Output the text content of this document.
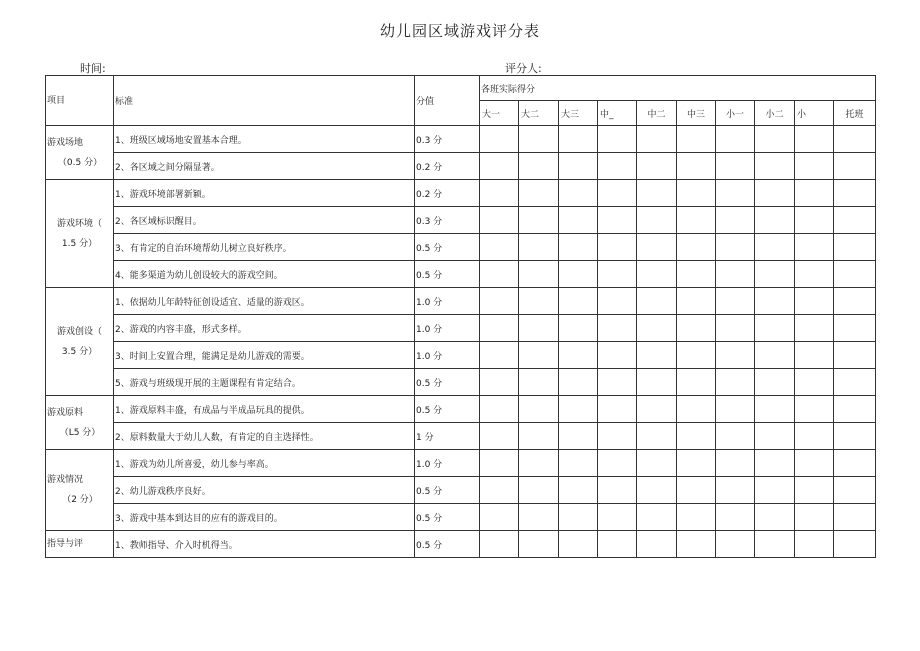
幼儿园区域游戏评分表
时间:	评分人:
项目	标准	分值	各班实际得分									
			大一	大二	大三	中_	中二	中三	小一	小二	小	托班

游戏场地
（0.5 分）	1、班级区域场地安置基本合理。	0.3 分										
	2、各区域之间分隔显著。	0.2 分										

游戏环境（
1.5 分）	1、游戏环境部署新颖。	0.2 分										
	2、各区域标识醒目。	0.3 分										
	3、有肯定的自治环境帮幼儿树立良好秩序。	0.5 分										
	4、能多渠道为幼儿创设较大的游戏空间。	0.5 分										

游戏创设（
3.5 分）	1、依据幼儿年龄特征创设适宜、适量的游戏区。	1.0 分										
	2、游戏的内容丰盛，形式多样。	1.0 分										
	3、时间上安置合理，能满足是幼儿游戏的需要。	1.0 分										
	5、游戏与班级现开展的主题课程有肯定结合。	0.5 分										

游戏原料
（L5 分）	1、游戏原料丰盛，有成品与半成品玩具的提供。	0.5 分										
	2、原料数量大于幼儿人数，有肯定的自主选择性。	1 分										

游戏情况
（2 分）	1、游戏为幼儿所喜爱，幼儿参与率高。	1.0 分										
	2、幼儿游戏秩序良好。	0.5 分										
	3、游戏中基本到达目的应有的游戏目的。	0.5 分										

指导与评	1、教师指导、介入时机得当。	0.5 分										
